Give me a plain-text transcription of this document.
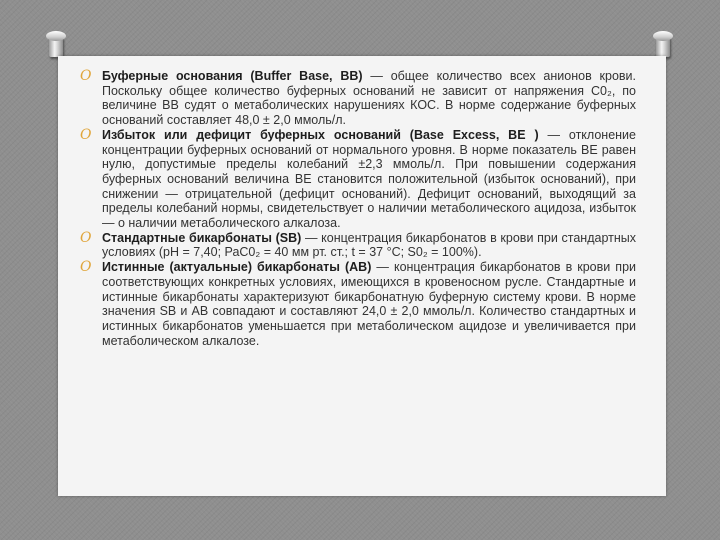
O Буферные основания (Buffer Base, BB) — общее количество всех анионов крови. Поскольку общее количество буферных оснований не зависит от напряжения С0₂, по величине ВВ судят о метаболических нарушениях КОС. В норме содержание буферных оснований составляет 48,0 ± 2,0 ммоль/л.
O Избыток или дефицит буферных оснований (Base Excess, BE ) — отклонение концентрации буферных оснований от нормального уровня. В норме показатель ВЕ равен нулю, допустимые пределы колебаний ±2,3 ммоль/л. При повышении содержания буферных оснований величина ВЕ становится положительной (избыток оснований), при снижении — отрицательной (дефицит оснований). Дефицит оснований, выходящий за пределы колебаний нормы, свидетельствует о наличии метаболического ацидоза, избыток — о наличии метаболического алкалоза.
O Стандартные бикарбонаты (SB) — концентрация бикарбонатов в крови при стандартных условиях (рН = 7,40; РаС0₂ = 40 мм рт. ст.; t = 37 °С; S0₂ = 100%).
O Истинные (актуальные) бикарбонаты (АВ) — концентрация бикарбонатов в крови при соответствующих конкретных условиях, имеющихся в кровеносном русле. Стандартные и истинные бикарбонаты характеризуют бикарбонатную буферную систему крови. В норме значения SB и АВ совпадают и составляют 24,0 ± 2,0 ммоль/л. Количество стандартных и истинных бикарбонатов уменьшается при метаболическом ацидозе и увеличивается при метаболическом алкалозе.
